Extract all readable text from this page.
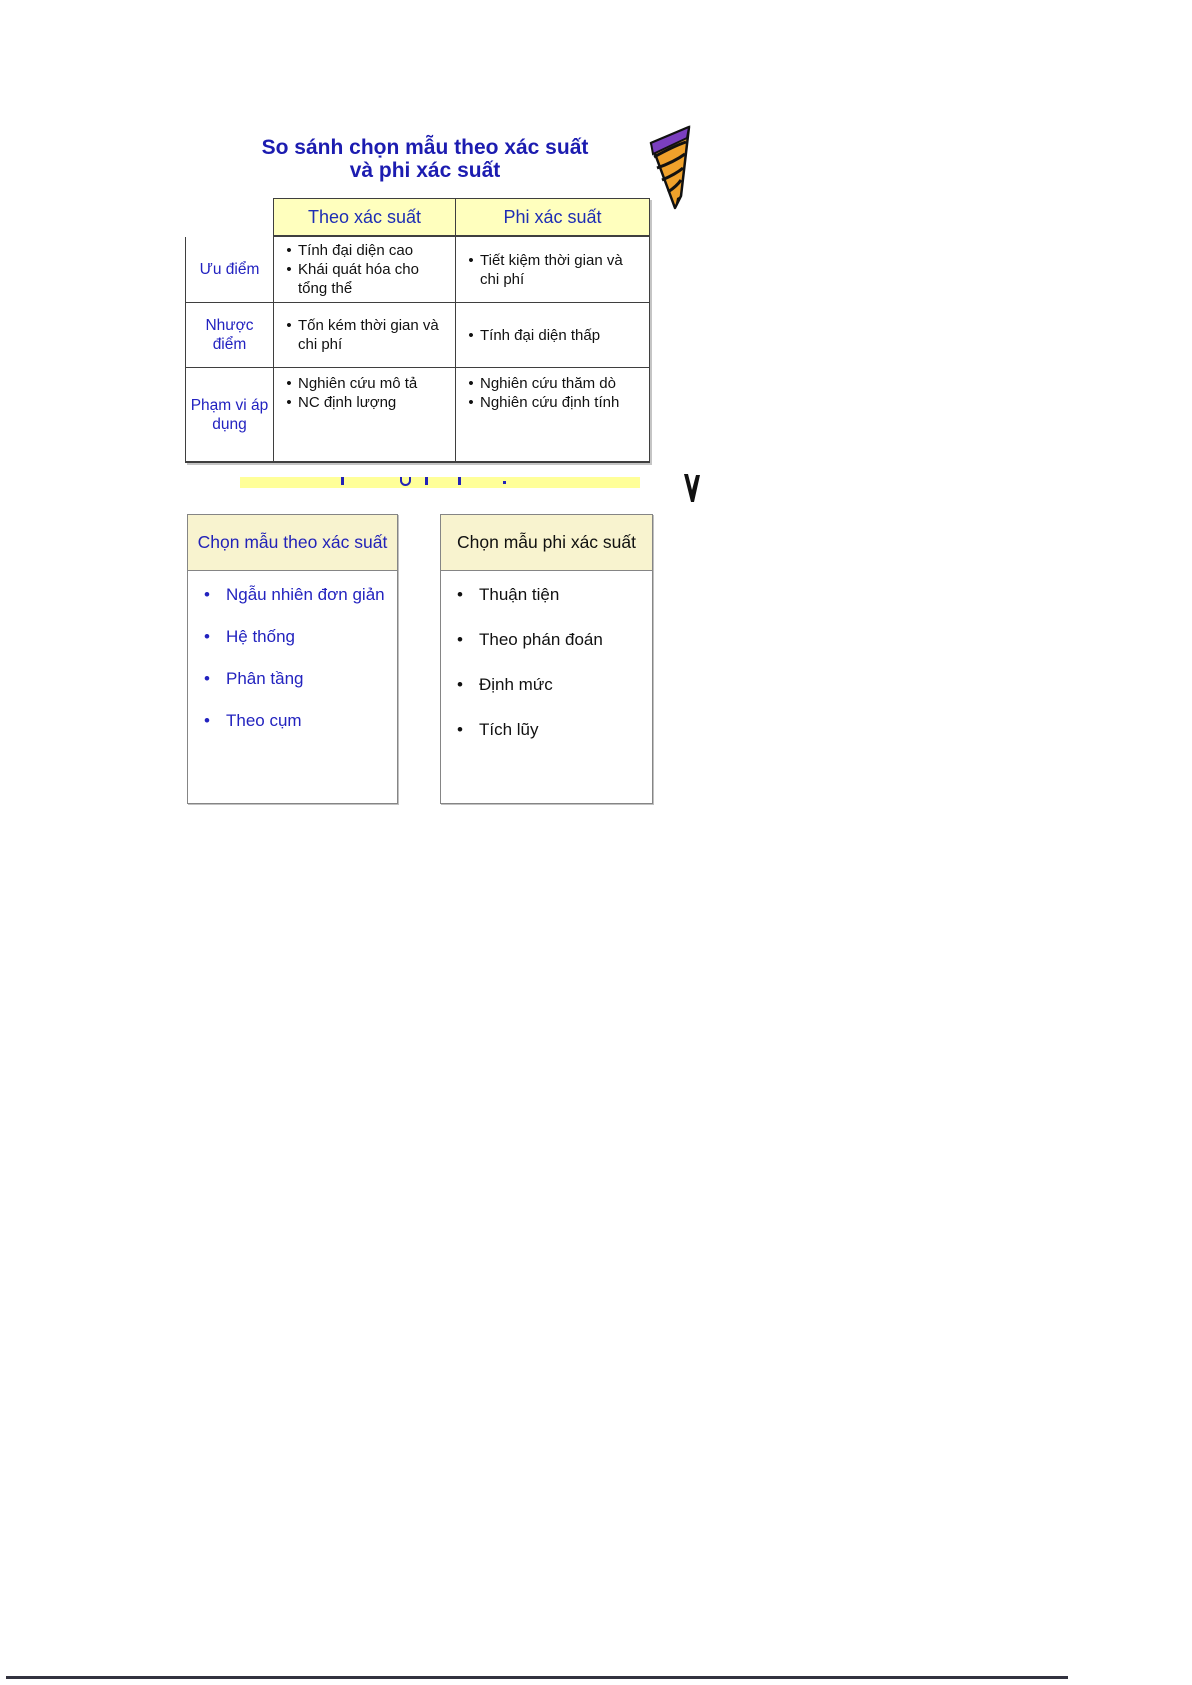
So sánh chọn mẫu theo xác suất
và phi xác suất
Theo xác suất	Phi xác suất
Ưu điểm
•
Tính đại diện cao
•
Khái quát hóa cho tổng thể
•
Tiết kiệm thời gian và chi phí
Nhược điểm
•
Tốn kém thời gian và chi phí
•
Tính đại diện thấp
Phạm vi áp dụng
•
Nghiên cứu mô tả
•
NC định lượng
•
Nghiên cứu thăm dò
•
Nghiên cứu định tính
Chọn mẫu theo xác suất
•
Ngẫu nhiên đơn giản
•
Hệ thống
•
Phân tầng
•
Theo cụm
Chọn mẫu phi xác suất
•
Thuận tiện
•
Theo phán đoán
•
Định mức
•
Tích lũy
